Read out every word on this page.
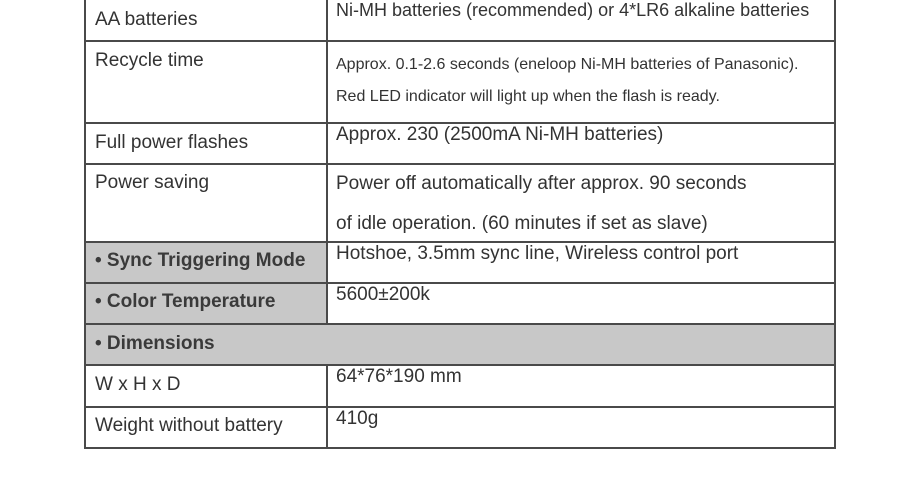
AA batteries	Ni-MH batteries (recommended) or 4*LR6 alkaline batteries

Recycle time	Approx. 0.1-2.6 seconds (eneloop Ni-MH batteries of Panasonic).
Red LED indicator will light up when the flash is ready.

Full power flashes	Approx. 230 (2500mA Ni-MH batteries)

Power saving	Power off automatically after approx. 90 seconds
of idle operation. (60 minutes if set as slave)

• Sync Triggering Mode	Hotshoe, 3.5mm sync line, Wireless control port

• Color Temperature	5600±200k

• Dimensions	

W x H x D	64*76*190 mm

Weight without battery	410g
